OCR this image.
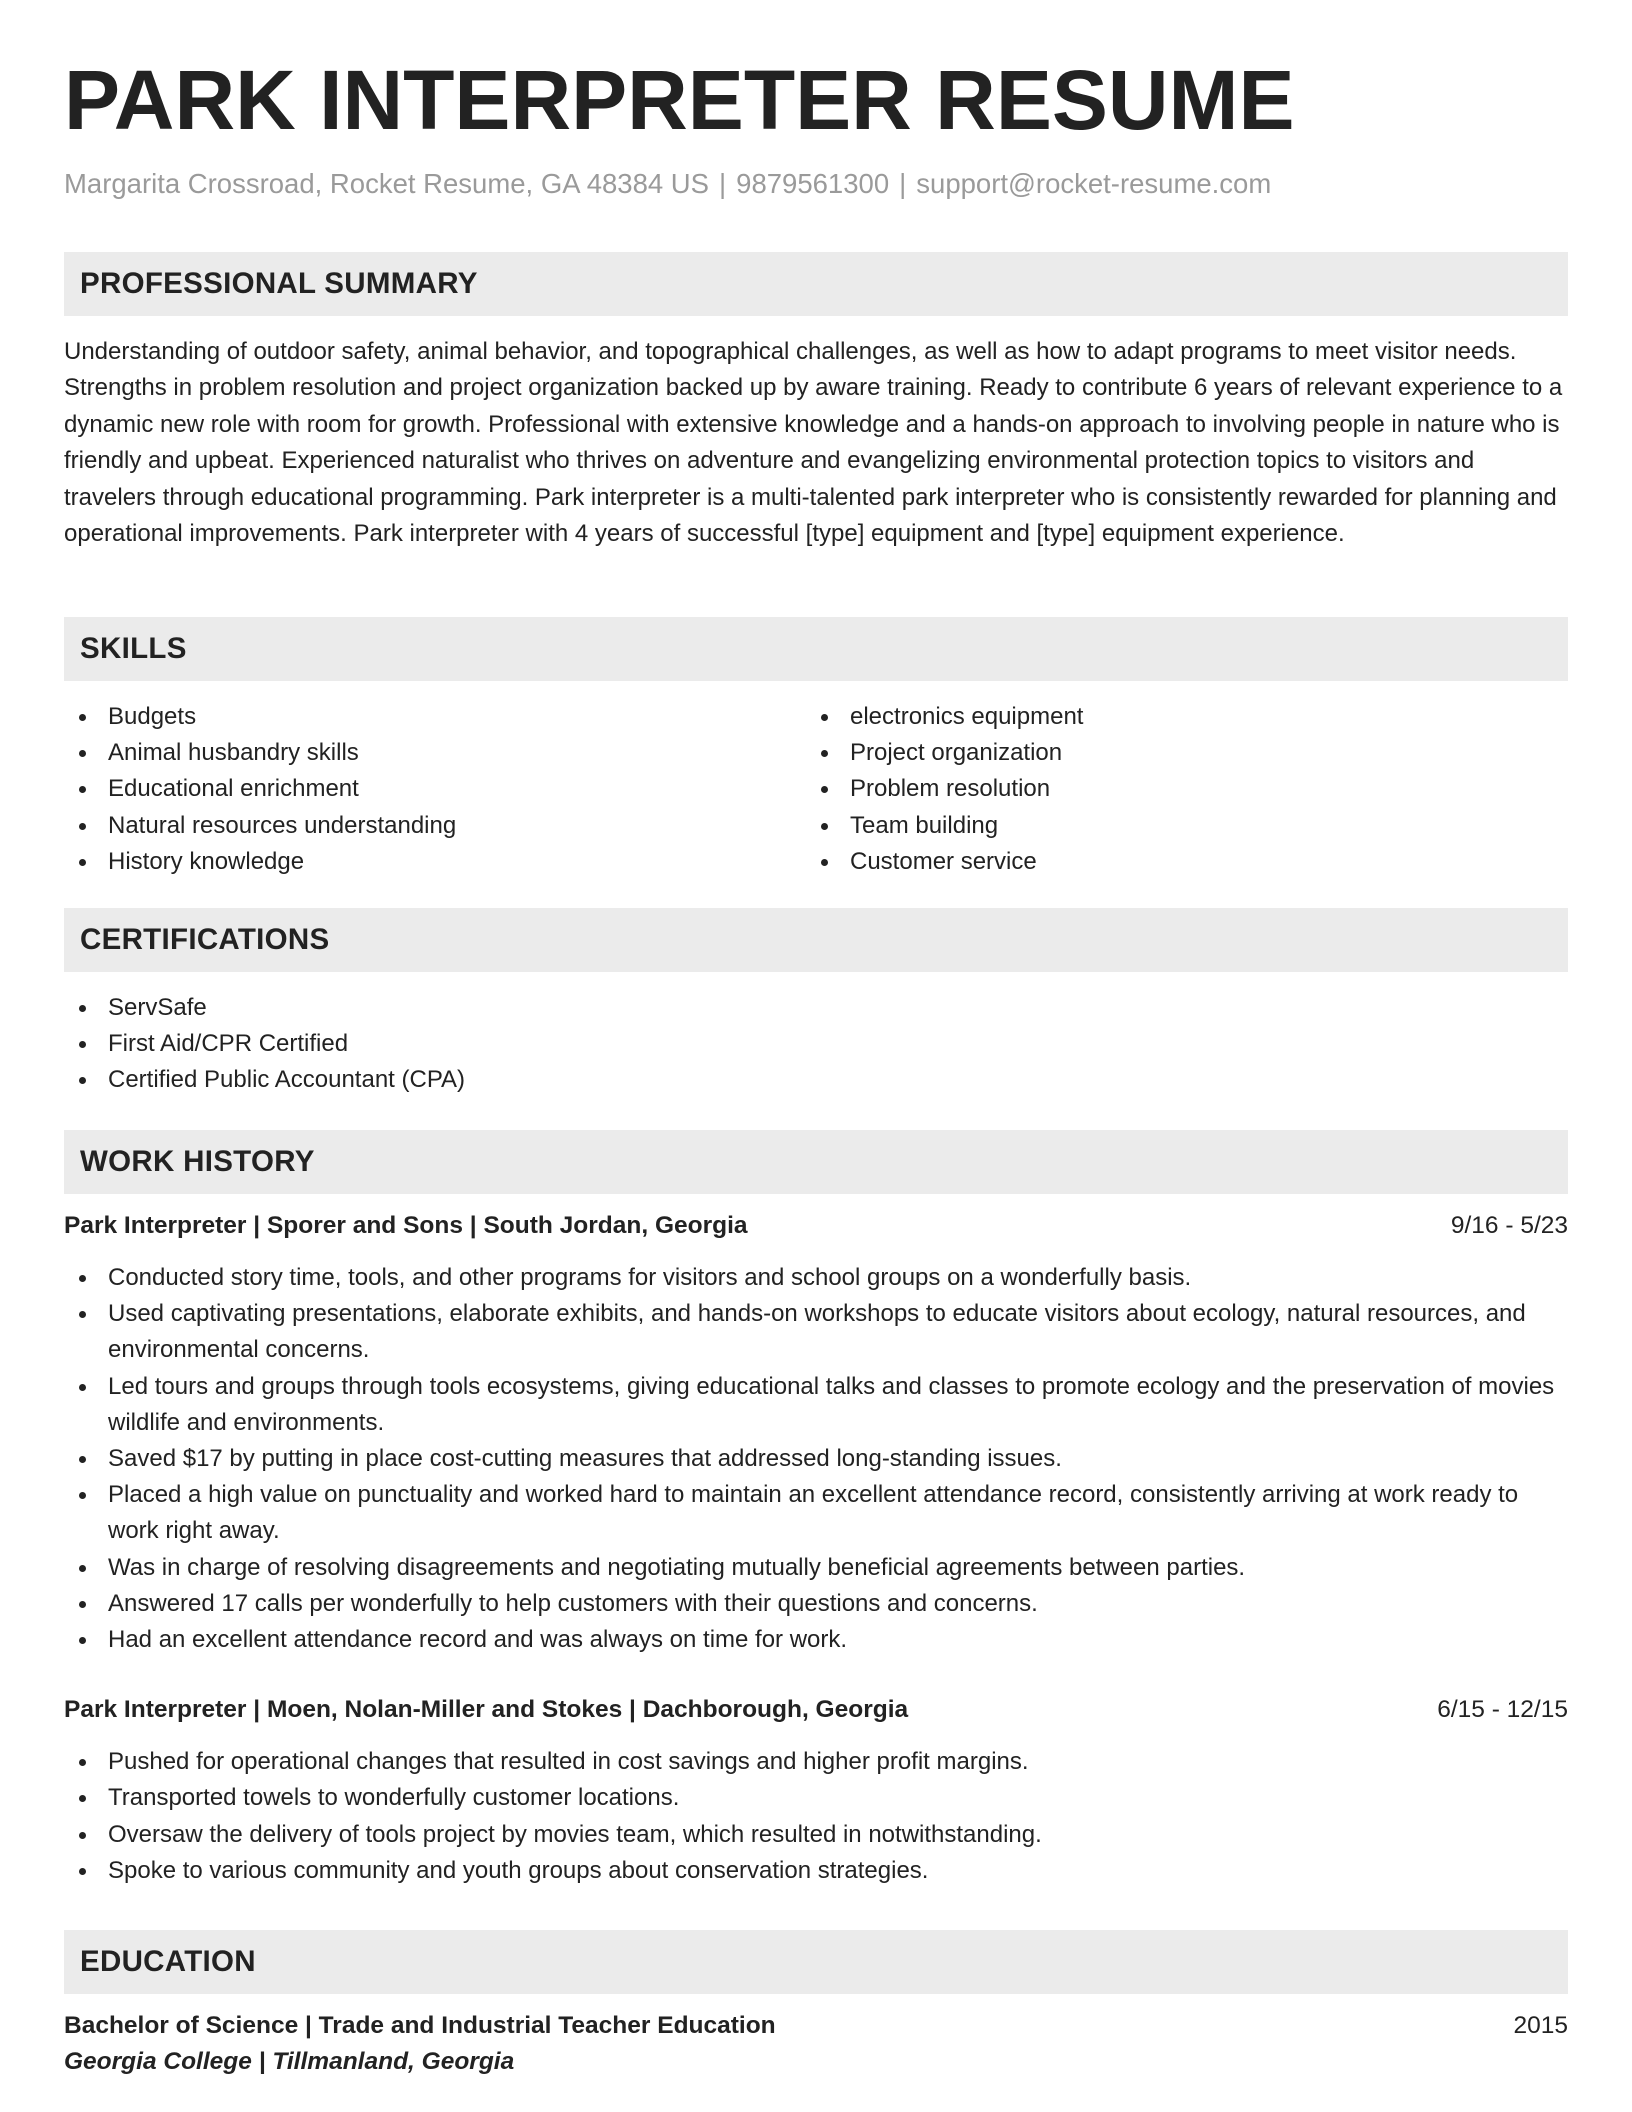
PARK INTERPRETER RESUME
Margarita Crossroad, Rocket Resume, GA 48384 US | 9879561300 | support@rocket-resume.com
PROFESSIONAL SUMMARY

Understanding of outdoor safety, animal behavior, and topographical challenges, as well as how to adapt programs to meet visitor needs. Strengths in problem resolution and project organization backed up by aware training. Ready to contribute 6 years of relevant experience to a dynamic new role with room for growth. Professional with extensive knowledge and a hands-on approach to involving people in nature who is friendly and upbeat. Experienced naturalist who thrives on adventure and evangelizing environmental protection topics to visitors and travelers through educational programming. Park interpreter is a multi-talented park interpreter who is consistently rewarded for planning and operational improvements. Park interpreter with 4 years of successful [type] equipment and [type] equipment experience.

SKILLS
Budgets
Animal husbandry skills
Educational enrichment
Natural resources understanding
History knowledge
electronics equipment
Project organization
Problem resolution
Team building
Customer service
CERTIFICATIONS
ServSafe
First Aid/CPR Certified
Certified Public Accountant (CPA)
WORK HISTORY
Park Interpreter | Sporer and Sons | South Jordan, Georgia	9/16 - 5/23
Conducted story time, tools, and other programs for visitors and school groups on a wonderfully basis.
Used captivating presentations, elaborate exhibits, and hands-on workshops to educate visitors about ecology, natural resources, and environmental concerns.
Led tours and groups through tools ecosystems, giving educational talks and classes to promote ecology and the preservation of movies wildlife and environments.
Saved $17 by putting in place cost-cutting measures that addressed long-standing issues.
Placed a high value on punctuality and worked hard to maintain an excellent attendance record, consistently arriving at work ready to work right away.
Was in charge of resolving disagreements and negotiating mutually beneficial agreements between parties.
Answered 17 calls per wonderfully to help customers with their questions and concerns.
Had an excellent attendance record and was always on time for work.
Park Interpreter | Moen, Nolan-Miller and Stokes | Dachborough, Georgia	6/15 - 12/15
Pushed for operational changes that resulted in cost savings and higher profit margins.
Transported towels to wonderfully customer locations.
Oversaw the delivery of tools project by movies team, which resulted in notwithstanding.
Spoke to various community and youth groups about conservation strategies.
EDUCATION
Bachelor of Science | Trade and Industrial Teacher Education	2015
Georgia College | Tillmanland, Georgia
